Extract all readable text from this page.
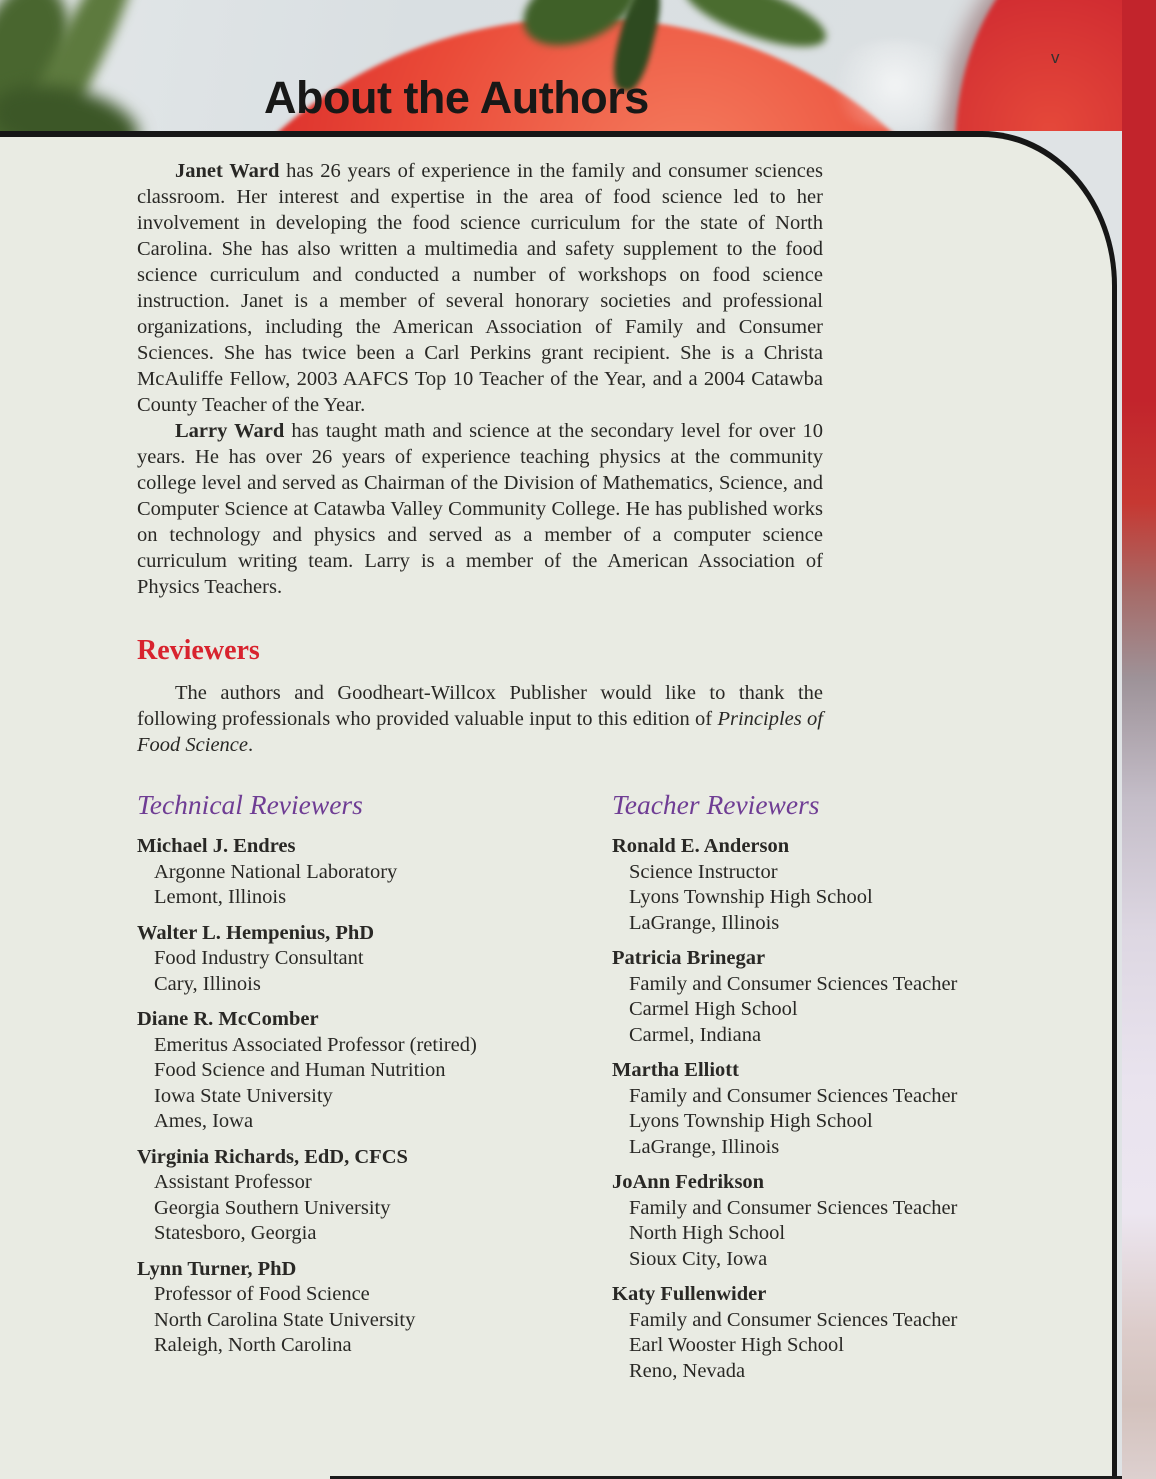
About the Authors
v

Janet Ward has 26 years of experience in the family and consumer sciences classroom. Her interest and expertise in the area of food science led to her involvement in developing the food science curriculum for the state of North Carolina. She has also written a multimedia and safety supplement to the food science curriculum and conducted a number of workshops on food science instruction. Janet is a member of several honorary societies and professional organizations, including the American Association of Family and Consumer Sciences. She has twice been a Carl Perkins grant recipient. She is a Christa McAuliffe Fellow, 2003 AAFCS Top 10 Teacher of the Year, and a 2004 Catawba County Teacher of the Year.

Larry Ward has taught math and science at the secondary level for over 10 years. He has over 26 years of experience teaching physics at the community college level and served as Chairman of the Division of Mathematics, Science, and Computer Science at Catawba Valley Community College. He has published works on technology and physics and served as a member of a computer science curriculum writing team. Larry is a member of the American Association of Physics Teachers.

Reviewers

The authors and Goodheart-Willcox Publisher would like to thank the following professionals who provided valuable input to this edition of Principles of Food Science.

Technical Reviewers
Michael J. Endres
Argonne National Laboratory
Lemont, Illinois
Walter L. Hempenius, PhD
Food Industry Consultant
Cary, Illinois
Diane R. McComber
Emeritus Associated Professor (retired)
Food Science and Human Nutrition
Iowa State University
Ames, Iowa
Virginia Richards, EdD, CFCS
Assistant Professor
Georgia Southern University
Statesboro, Georgia
Lynn Turner, PhD
Professor of Food Science
North Carolina State University
Raleigh, North Carolina
Teacher Reviewers
Ronald E. Anderson
Science Instructor
Lyons Township High School
LaGrange, Illinois
Patricia Brinegar
Family and Consumer Sciences Teacher
Carmel High School
Carmel, Indiana
Martha Elliott
Family and Consumer Sciences Teacher
Lyons Township High School
LaGrange, Illinois
JoAnn Fedrikson
Family and Consumer Sciences Teacher
North High School
Sioux City, Iowa
Katy Fullenwider
Family and Consumer Sciences Teacher
Earl Wooster High School
Reno, Nevada
